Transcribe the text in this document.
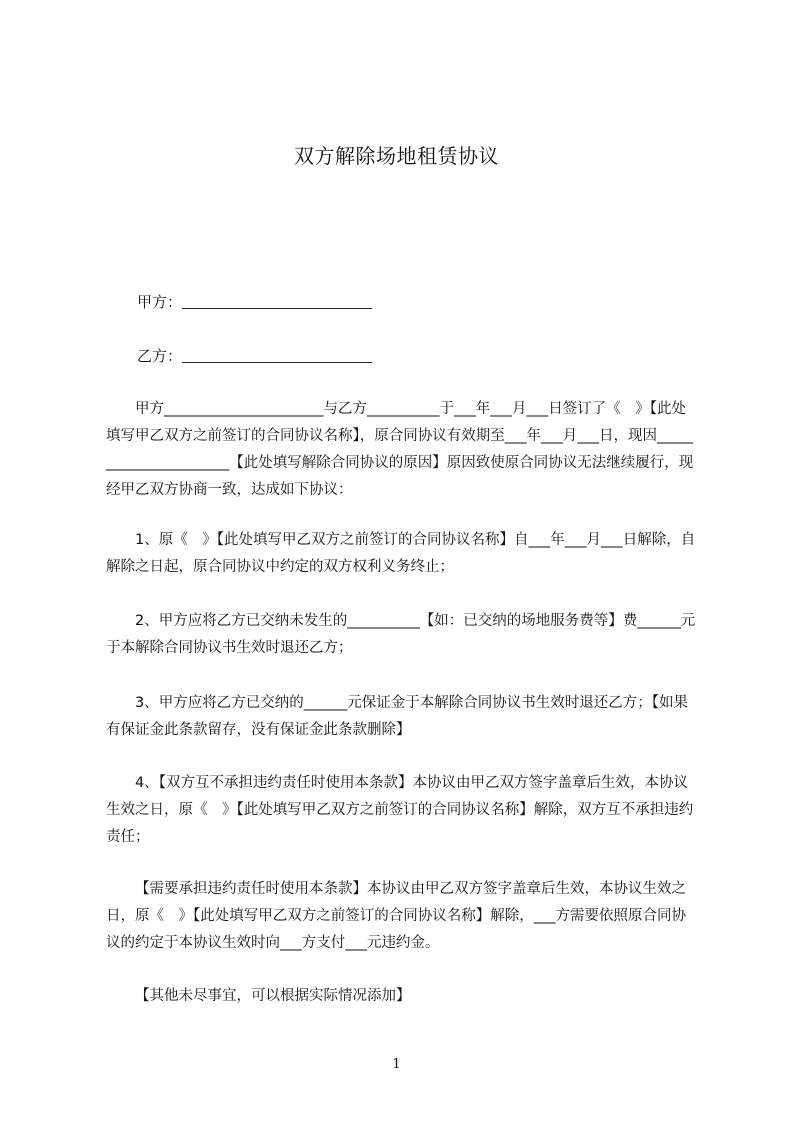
双方解除场地租赁协议
甲方：
乙方：

甲方______________________与乙方__________于___年___月___日签订了《　》【此处填写甲乙双方之前签订的合同协议名称】，原合同协议有效期至___年___月___日，现因______________________【此处填写解除合同协议的原因】原因致使原合同协议无法继续履行，现经甲乙双方协商一致，达成如下协议：

1、原《　》【此处填写甲乙双方之前签订的合同协议名称】自___年___月___日解除，自解除之日起，原合同协议中约定的双方权利义务终止；

2、甲方应将乙方已交纳未发生的__________【如：已交纳的场地服务费等】费______元于本解除合同协议书生效时退还乙方；

3、甲方应将乙方已交纳的______元保证金于本解除合同协议书生效时退还乙方；【如果有保证金此条款留存，没有保证金此条款删除】

4、【双方互不承担违约责任时使用本条款】本协议由甲乙双方签字盖章后生效，本协议生效之日，原《　》【此处填写甲乙双方之前签订的合同协议名称】解除，双方互不承担违约责任；

【需要承担违约责任时使用本条款】本协议由甲乙双方签字盖章后生效，本协议生效之日，原《　》【此处填写甲乙双方之前签订的合同协议名称】解除，___方需要依照原合同协议的约定于本协议生效时向___方支付___元违约金。

【其他未尽事宜，可以根据实际情况添加】

1
